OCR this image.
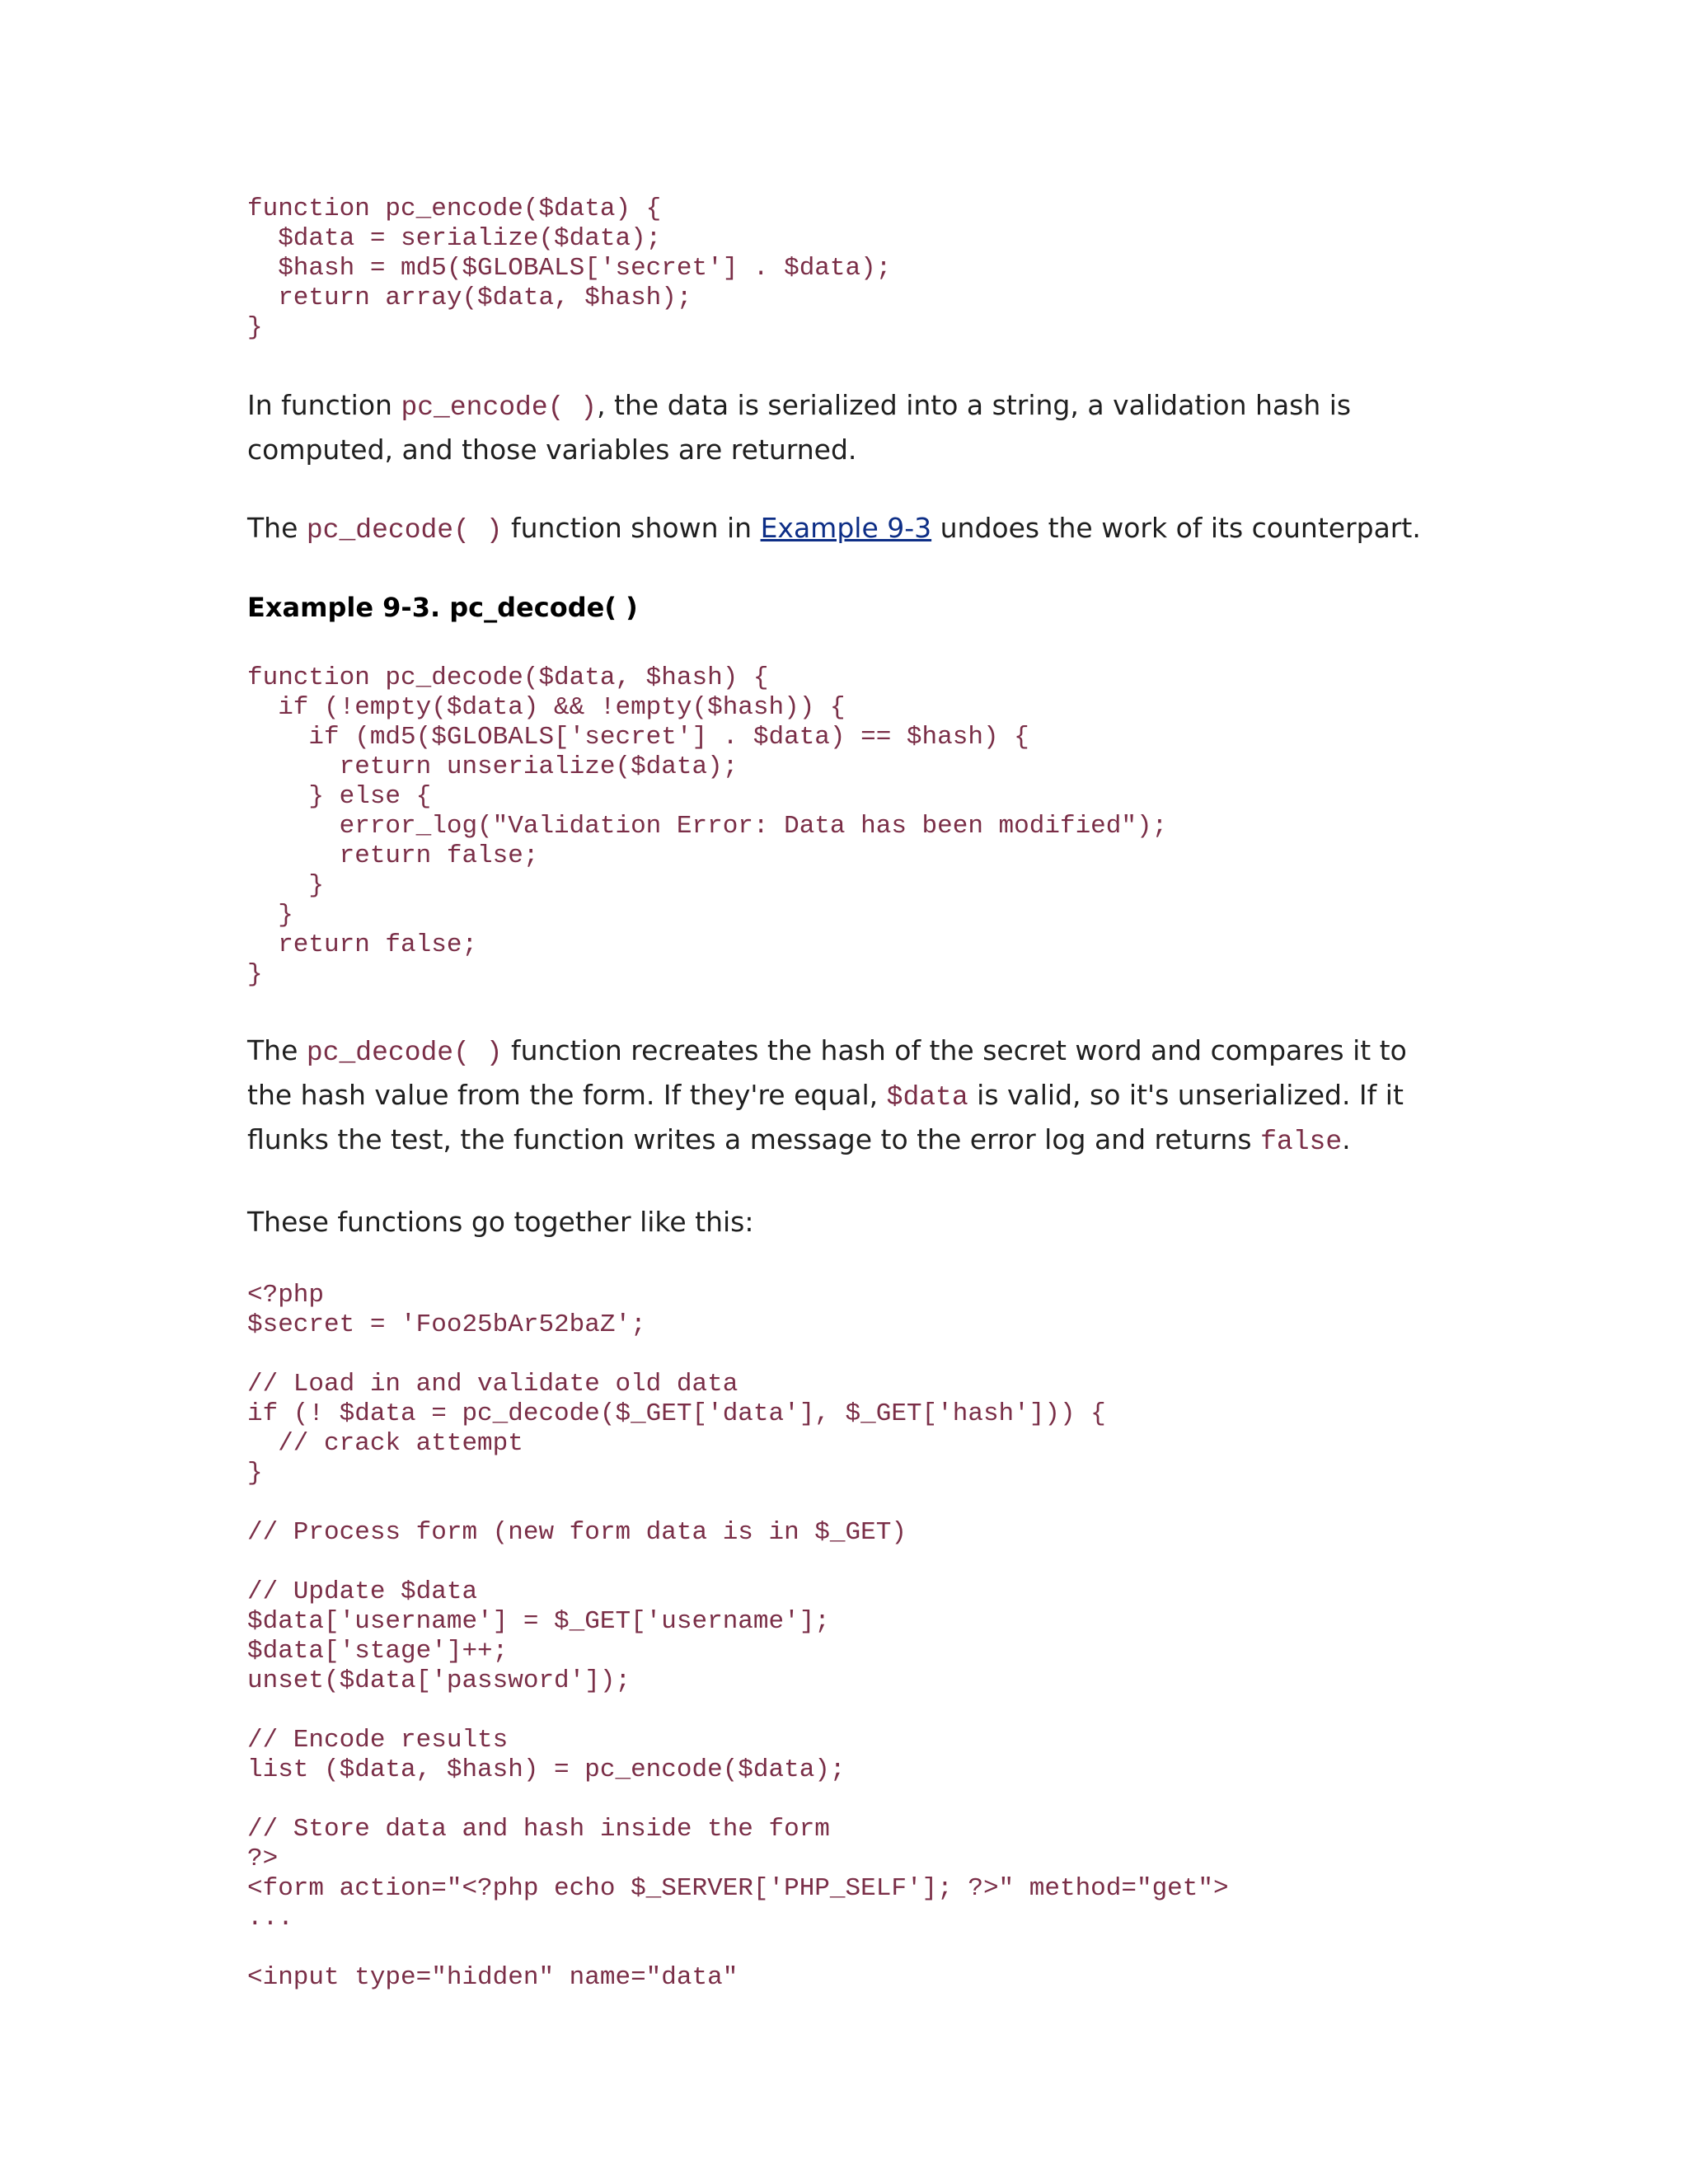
function pc_encode($data) {
$data = serialize($data);
$hash = md5($GLOBALS['secret'] . $data);
return array($data, $hash);
}

In function pc_encode( ), the data is serialized into a string, a validation hash is computed, and those variables are returned.

The pc_decode( ) function shown in Example 9-3 undoes the work of its counterpart.

Example 9-3. pc_decode( )
function pc_decode($data, $hash) {
if (!empty($data) && !empty($hash)) {
if (md5($GLOBALS['secret'] . $data) == $hash) {
return unserialize($data);
} else {
error_log("Validation Error: Data has been modified");
return false;
}
}
return false;
}

The pc_decode( ) function recreates the hash of the secret word and compares it to the hash value from the form. If they're equal, $data is valid, so it's unserialized. If it flunks the test, the function writes a message to the error log and returns false.

These functions go together like this:

<?php
$secret = 'Foo25bAr52baZ';
// Load in and validate old data
if (! $data = pc_decode($_GET['data'], $_GET['hash'])) {
// crack attempt
}
// Process form (new form data is in $_GET)
// Update $data
$data['username'] = $_GET['username'];
$data['stage']++;
unset($data['password']);
// Encode results
list ($data, $hash) = pc_encode($data);
// Store data and hash inside the form
?>
<form action="<?php echo $_SERVER['PHP_SELF']; ?>" method="get">
...
<input type="hidden" name="data"
